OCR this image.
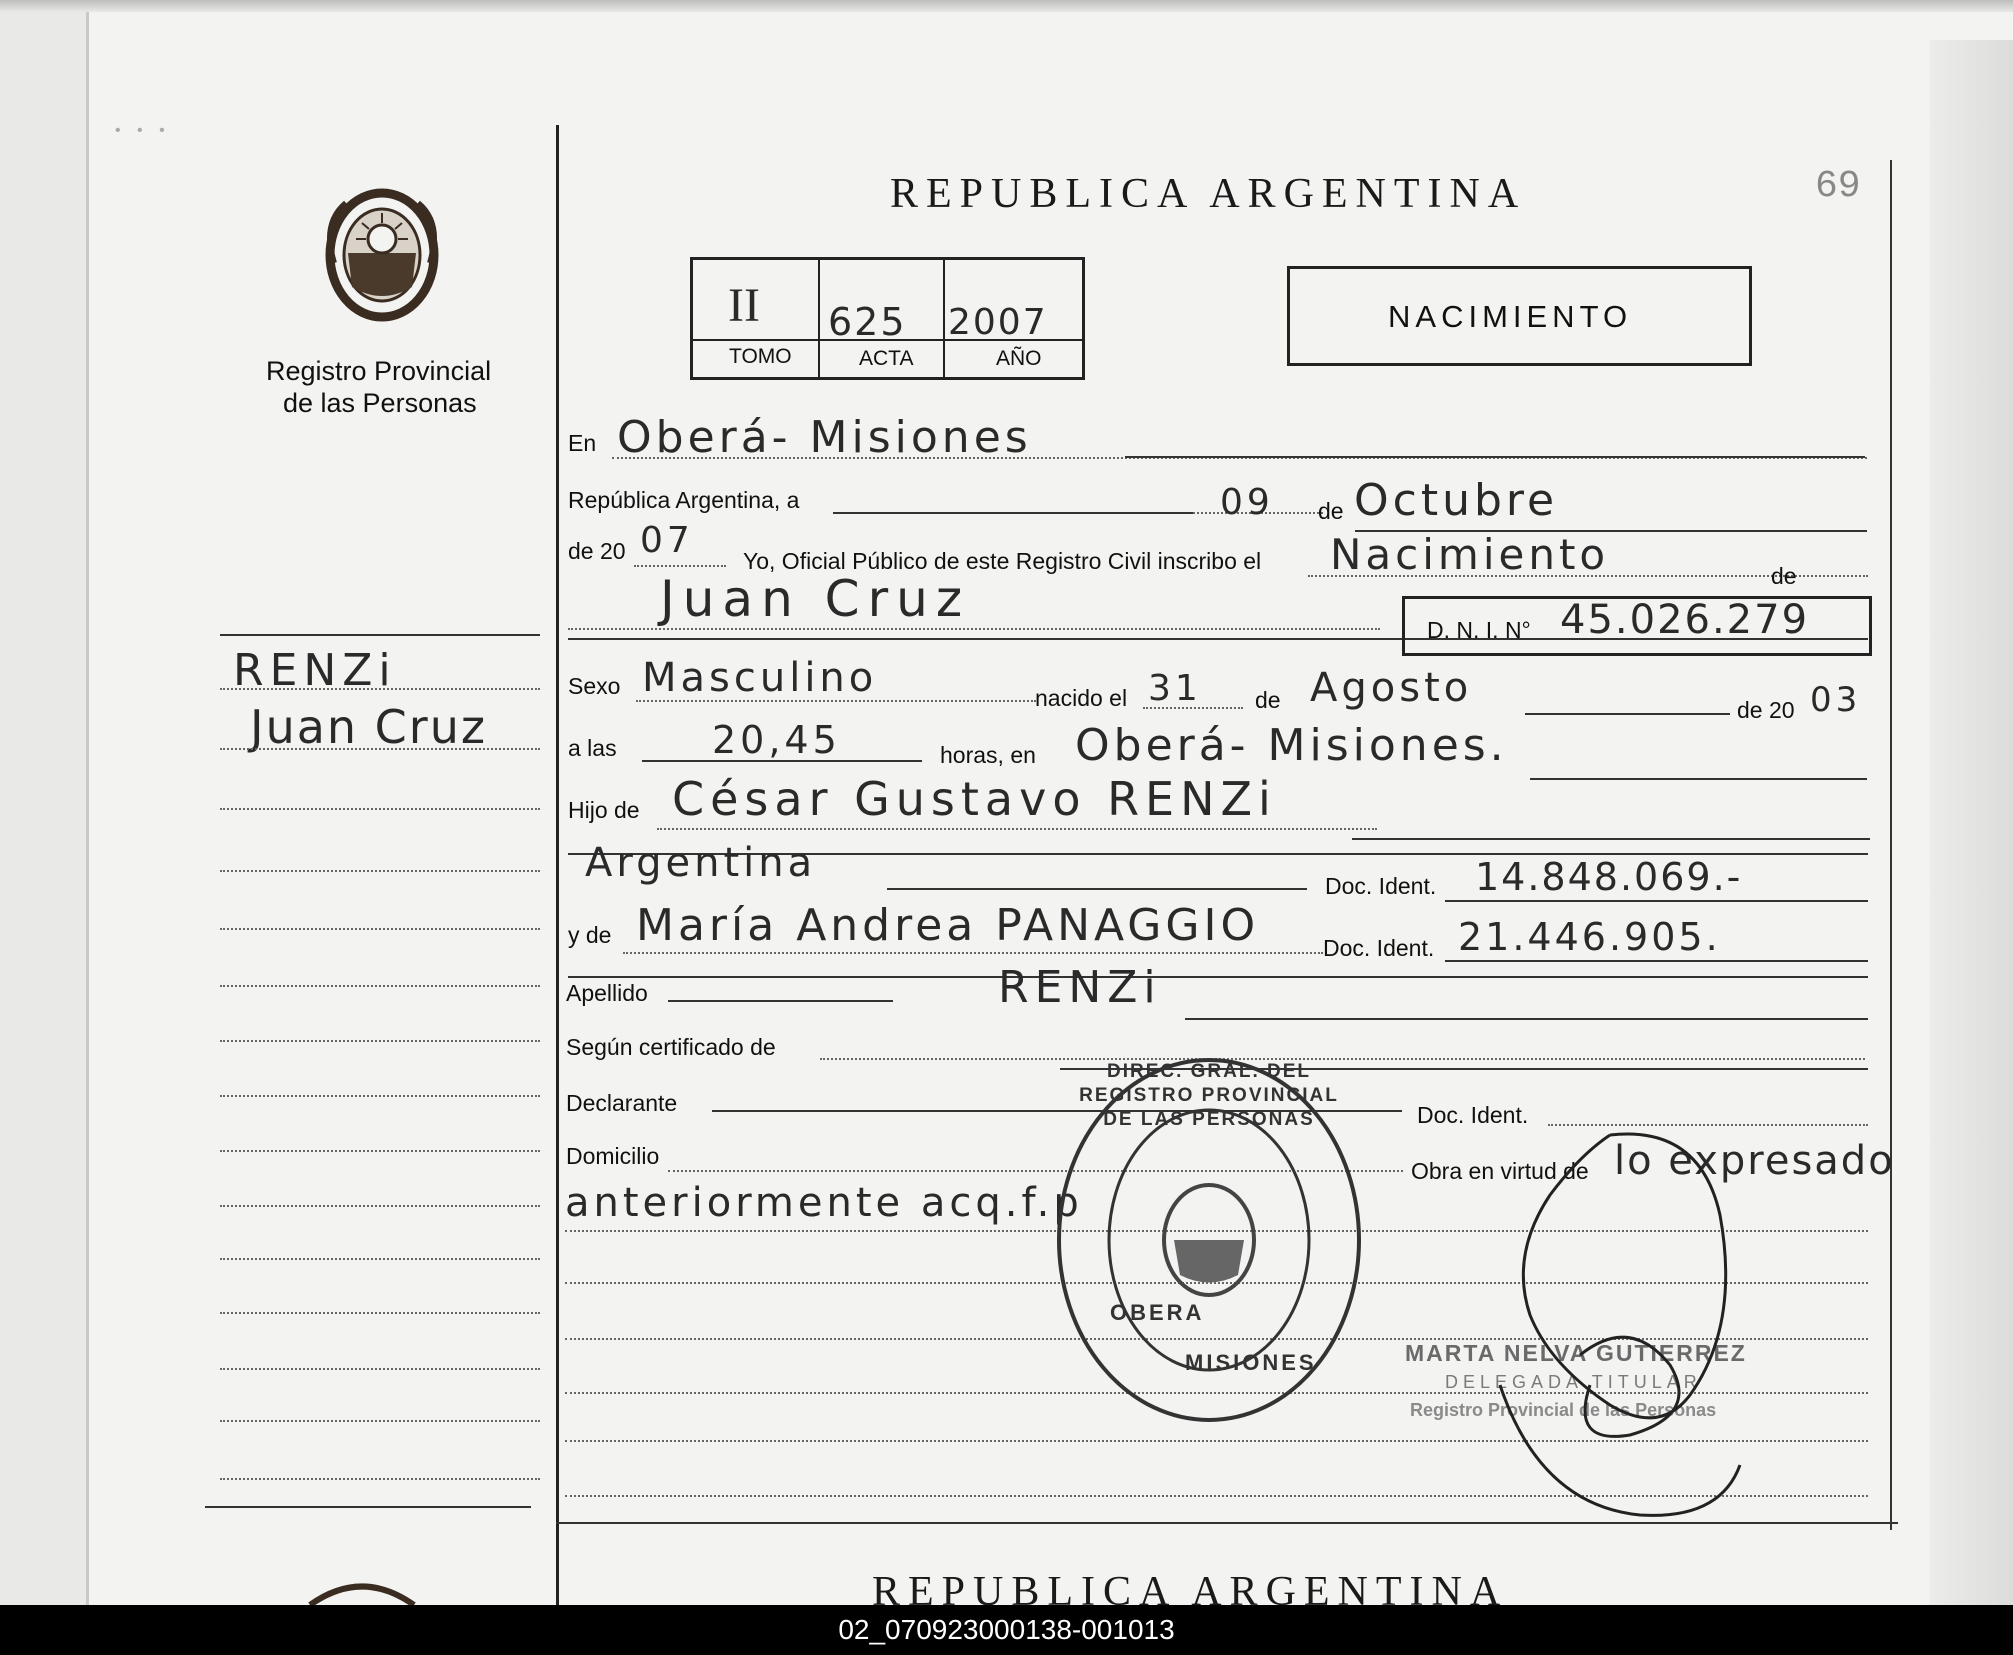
• • •
Registro Provincial
de las Personas
REPUBLICA ARGENTINA	69
II 625 2007
TOMO	ACTA	AÑO
NACIMIENTO
En Oberá- Misiones
República Argentina, a	09 de Octubre
de 20 07 Yo, Oficial Público de este Registro Civil inscribo el Nacimiento	de
Juan Cruz
D. N. I. N° 45.026.279
Sexo Masculino	nacido el 31 de Agosto	de 20 03
a las	20,45	horas, en Oberá- Misiones.
Hijo de César Gustavo RENZi
Argentina	Doc. Ident. 14.848.069.-
y de María Andrea PANAGGIO	Doc. Ident. 21.446.905.
Apellido	RENZi
Según certificado de
Declarante	Doc. Ident.
Domicilio
Obra en virtud de lo expresado
anteriormente acq.f.p
RENZi
Juan Cruz
DIREC. GRAL. DEL REGISTRO PROVINCIAL DE LAS PERSONAS
OBERA
MISIONES	MARTA NELVA GUTIERREZ
DELEGADA TITULAR
Registro Provincial de las Personas
REPUBLICA ARGENTINA
02_070923000138-001013
